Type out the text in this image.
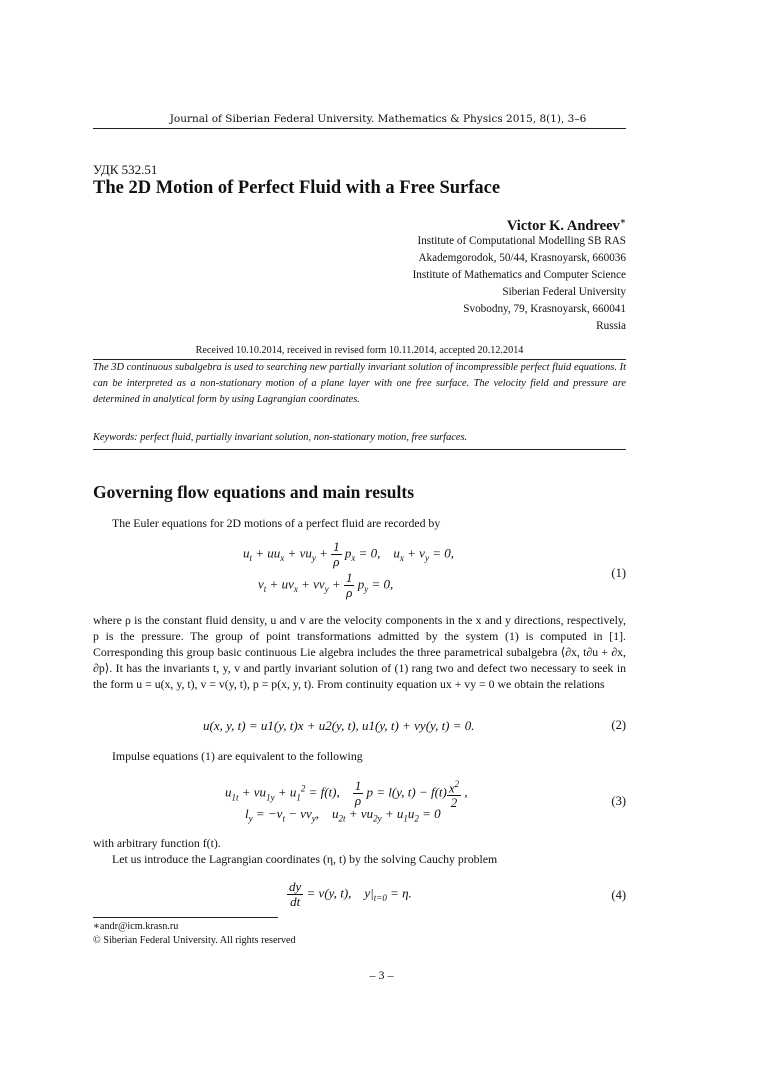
Journal of Siberian Federal University. Mathematics & Physics 2015, 8(1), 3–6
УДК 532.51
The 2D Motion of Perfect Fluid with a Free Surface
Victor K. Andreev∗
Institute of Computational Modelling SB RAS
Akademgorodok, 50/44, Krasnoyarsk, 660036
Institute of Mathematics and Computer Science
Siberian Federal University
Svobodny, 79, Krasnoyarsk, 660041
Russia
Received 10.10.2014, received in revised form 10.11.2014, accepted 20.12.2014
The 3D continuous subalgebra is used to searching new partially invariant solution of incompressible perfect fluid equations. It can be interpreted as a non-stationary motion of a plane layer with one free surface. The velocity field and pressure are determined in analytical form by using Lagrangian coordinates.
Keywords: perfect fluid, partially invariant solution, non-stationary motion, free surfaces.
Governing flow equations and main results
The Euler equations for 2D motions of a perfect fluid are recorded by
$u_t + uu_x + vu_y + \frac{1}{\rho} p_x = 0$,    $u_x + v_y = 0$,
$v_t + uv_x + vv_y + \frac{1}{\rho} p_y = 0$,
(1)
where ρ is the constant fluid density, u and v are the velocity components in the x and y directions, respectively, p is the pressure. The group of point transformations admitted by the system (1) is computed in [1]. Corresponding this group basic continuous Lie algebra includes the three parametrical subalgebra ⟨∂x, t∂u + ∂x, ∂p⟩. It has the invariants t, y, v and partly invariant solution of (1) rang two and defect two necessary to seek in the form u = u(x, y, t), v = v(y, t), p = p(x, y, t). From continuity equation ux + vy = 0 we obtain the relations
u(x, y, t) = u1(y, t)x + u2(y, t), u1(y, t) + vy(y, t) = 0.	(2)
Impulse equations (1) are equivalent to the following
$u_{1t} + vu_{1y} + u_1^2 = f(t)$, $\frac{1}{\rho}$ p = l(y, $t) - f(t) \frac{x^2}{2}$ ,
$l_y = -v_t - vv_y$,    $u_{2t} + vu_{2y} + u_1u_2 = 0$
(3)
with arbitrary function f(t).
Let us introduce the Lagrangian coordinates (η, t) by the solving Cauchy problem
$\frac{dy}{dt} = v(y$, t),    $y|_{t=0} = \eta$.	(4)
∗andr@icm.krasn.ru
© Siberian Federal University. All rights reserved
– 3 –
